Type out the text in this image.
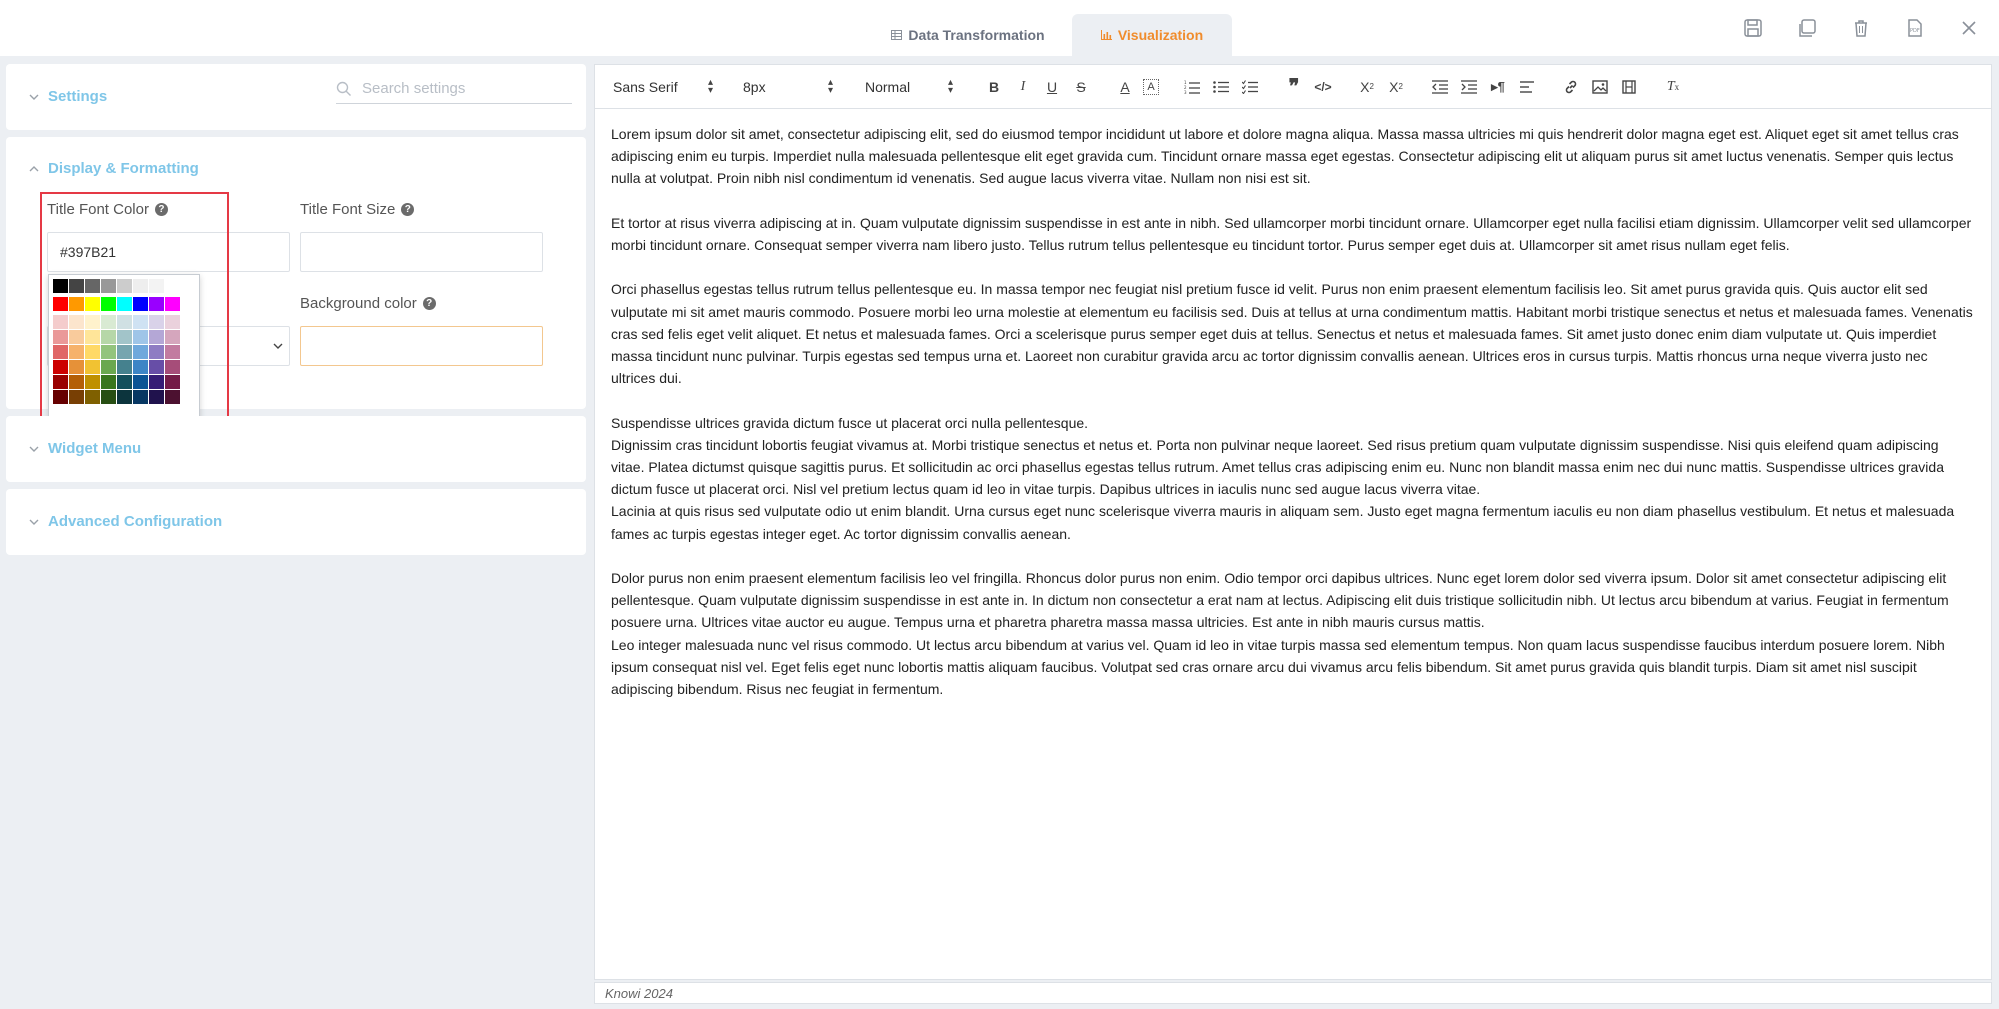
Data Transformation	Visualization	PDF
Settings
Search settings
Display & Formatting
Title Font Color ?
#397B21	Title Font Size ?
Background color ?
Widget Menu
Advanced Configuration
Sans Serif	▴
▾ 8px	▴
▾ Normal	▴
▾	B	I	U	S	A	A	1
2
3	❞	</> X 2 X 2	▸¶	T x

Lorem ipsum dolor sit amet, consectetur adipiscing elit, sed do eiusmod tempor incididunt ut labore et dolore magna aliqua. Massa massa ultricies mi quis hendrerit dolor magna eget est. Aliquet eget sit amet tellus cras adipiscing enim eu turpis. Imperdiet nulla malesuada pellentesque elit eget gravida cum. Tincidunt ornare massa eget egestas. Consectetur adipiscing elit ut aliquam purus sit amet luctus venenatis. Semper quis lectus nulla at volutpat. Proin nibh nisl condimentum id venenatis. Sed augue lacus viverra vitae. Nullam non nisi est sit.

Et tortor at risus viverra adipiscing at in. Quam vulputate dignissim suspendisse in est ante in nibh. Sed ullamcorper morbi tincidunt ornare. Ullamcorper eget nulla facilisi etiam dignissim. Ullamcorper velit sed ullamcorper morbi tincidunt ornare. Consequat semper viverra nam libero justo. Tellus rutrum tellus pellentesque eu tincidunt tortor. Purus semper eget duis at. Ullamcorper sit amet risus nullam eget felis.

Orci phasellus egestas tellus rutrum tellus pellentesque eu. In massa tempor nec feugiat nisl pretium fusce id velit. Purus non enim praesent elementum facilisis leo. Sit amet purus gravida quis. Quis auctor elit sed vulputate mi sit amet mauris commodo. Posuere morbi leo urna molestie at elementum eu facilisis sed. Duis at tellus at urna condimentum mattis. Habitant morbi tristique senectus et netus et malesuada fames. Venenatis cras sed felis eget velit aliquet. Et netus et malesuada fames. Orci a scelerisque purus semper eget duis at tellus. Senectus et netus et malesuada fames. Sit amet justo donec enim diam vulputate ut. Quis imperdiet massa tincidunt nunc pulvinar. Turpis egestas sed tempus urna et. Laoreet non curabitur gravida arcu ac tortor dignissim convallis aenean. Ultrices eros in cursus turpis. Mattis rhoncus urna neque viverra justo nec ultrices dui.

Suspendisse ultrices gravida dictum fusce ut placerat orci nulla pellentesque.

Dignissim cras tincidunt lobortis feugiat vivamus at. Morbi tristique senectus et netus et. Porta non pulvinar neque laoreet. Sed risus pretium quam vulputate dignissim suspendisse. Nisi quis eleifend quam adipiscing vitae. Platea dictumst quisque sagittis purus. Et sollicitudin ac orci phasellus egestas tellus rutrum. Amet tellus cras adipiscing enim eu. Nunc non blandit massa enim nec dui nunc mattis. Suspendisse ultrices gravida dictum fusce ut placerat orci. Nisl vel pretium lectus quam id leo in vitae turpis. Dapibus ultrices in iaculis nunc sed augue lacus viverra vitae.

Lacinia at quis risus sed vulputate odio ut enim blandit. Urna cursus eget nunc scelerisque viverra mauris in aliquam sem. Justo eget magna fermentum iaculis eu non diam phasellus vestibulum. Et netus et malesuada fames ac turpis egestas integer eget. Ac tortor dignissim convallis aenean.

Dolor purus non enim praesent elementum facilisis leo vel fringilla. Rhoncus dolor purus non enim. Odio tempor orci dapibus ultrices. Nunc eget lorem dolor sed viverra ipsum. Dolor sit amet consectetur adipiscing elit pellentesque. Quam vulputate dignissim suspendisse in est ante in. In dictum non consectetur a erat nam at lectus. Adipiscing elit duis tristique sollicitudin nibh. Ut lectus arcu bibendum at varius. Feugiat in fermentum posuere urna. Ultrices vitae auctor eu augue. Tempus urna et pharetra pharetra massa massa ultricies. Est ante in nibh mauris cursus mattis.

Leo integer malesuada nunc vel risus commodo. Ut lectus arcu bibendum at varius vel. Quam id leo in vitae turpis massa sed elementum tempus. Non quam lacus suspendisse faucibus interdum posuere lorem. Nibh ipsum consequat nisl vel. Eget felis eget nunc lobortis mattis aliquam faucibus. Volutpat sed cras ornare arcu dui vivamus arcu felis bibendum. Sit amet purus gravida quis blandit turpis. Diam sit amet nisl suscipit adipiscing bibendum. Risus nec feugiat in fermentum.

Knowi 2024
